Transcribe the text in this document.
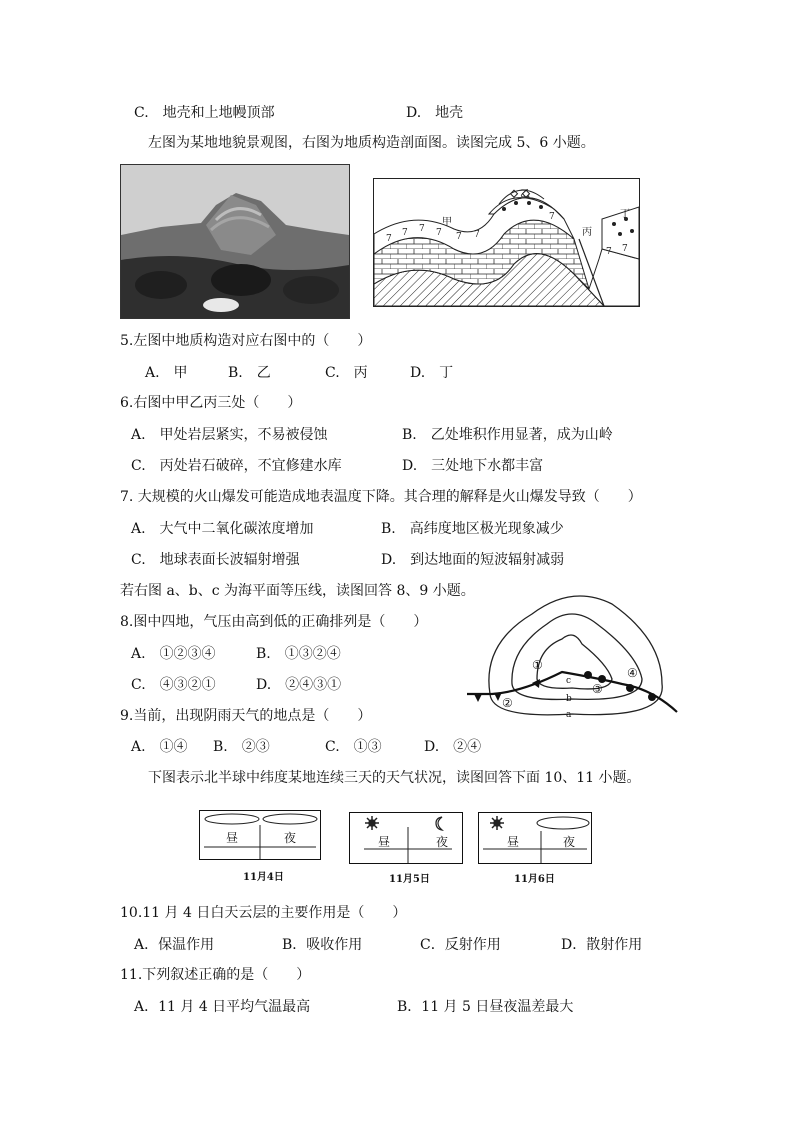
C.　地壳和上地幔顶部	D.　地壳
左图为某地地貌景观图，右图为地质构造剖面图。读图完成 5、6 小题。
7
7 7 7 7 7
7
7 7
甲
乙
丙
丁
5.左图中地质构造对应右图中的（　　）
A.　甲	B.　乙	C.　丙	D.　丁
6.右图中甲乙丙三处（　　）
A.　甲处岩层紧实，不易被侵蚀	B.　乙处堆积作用显著，成为山岭
C.　丙处岩石破碎，不宜修建水库	D.　三处地下水都丰富
7. 大规模的火山爆发可能造成地表温度下降。其合理的解释是火山爆发导致（　　）
A.　大气中二氧化碳浓度增加	B.　高纬度地区极光现象减少
C.　地球表面长波辐射增强	D.　到达地面的短波辐射减弱
若右图 a、b、c 为海平面等压线，读图回答 8、9 小题。
①
②
③
④
c
b
a
8.图中四地，气压由高到低的正确排列是（　　）
A.　①②③④	B.　①③②④
C.　④③②①	D.　②④③①
9.当前，出现阴雨天气的地点是（　　）
A.　①④ B.　②③	C.　①③	D.　②④
下图表示北半球中纬度某地连续三天的天气状况，读图回答下面 10、11 小题。
昼	夜
11月4日
昼	夜
11月5日
昼	夜
11月6日
10.11 月 4 日白天云层的主要作用是（　　）
A．保温作用	B．吸收作用	C．反射作用	D．散射作用
11.下列叙述正确的是（　　）
A．11 月 4 日平均气温最高	B．11 月 5 日昼夜温差最大
